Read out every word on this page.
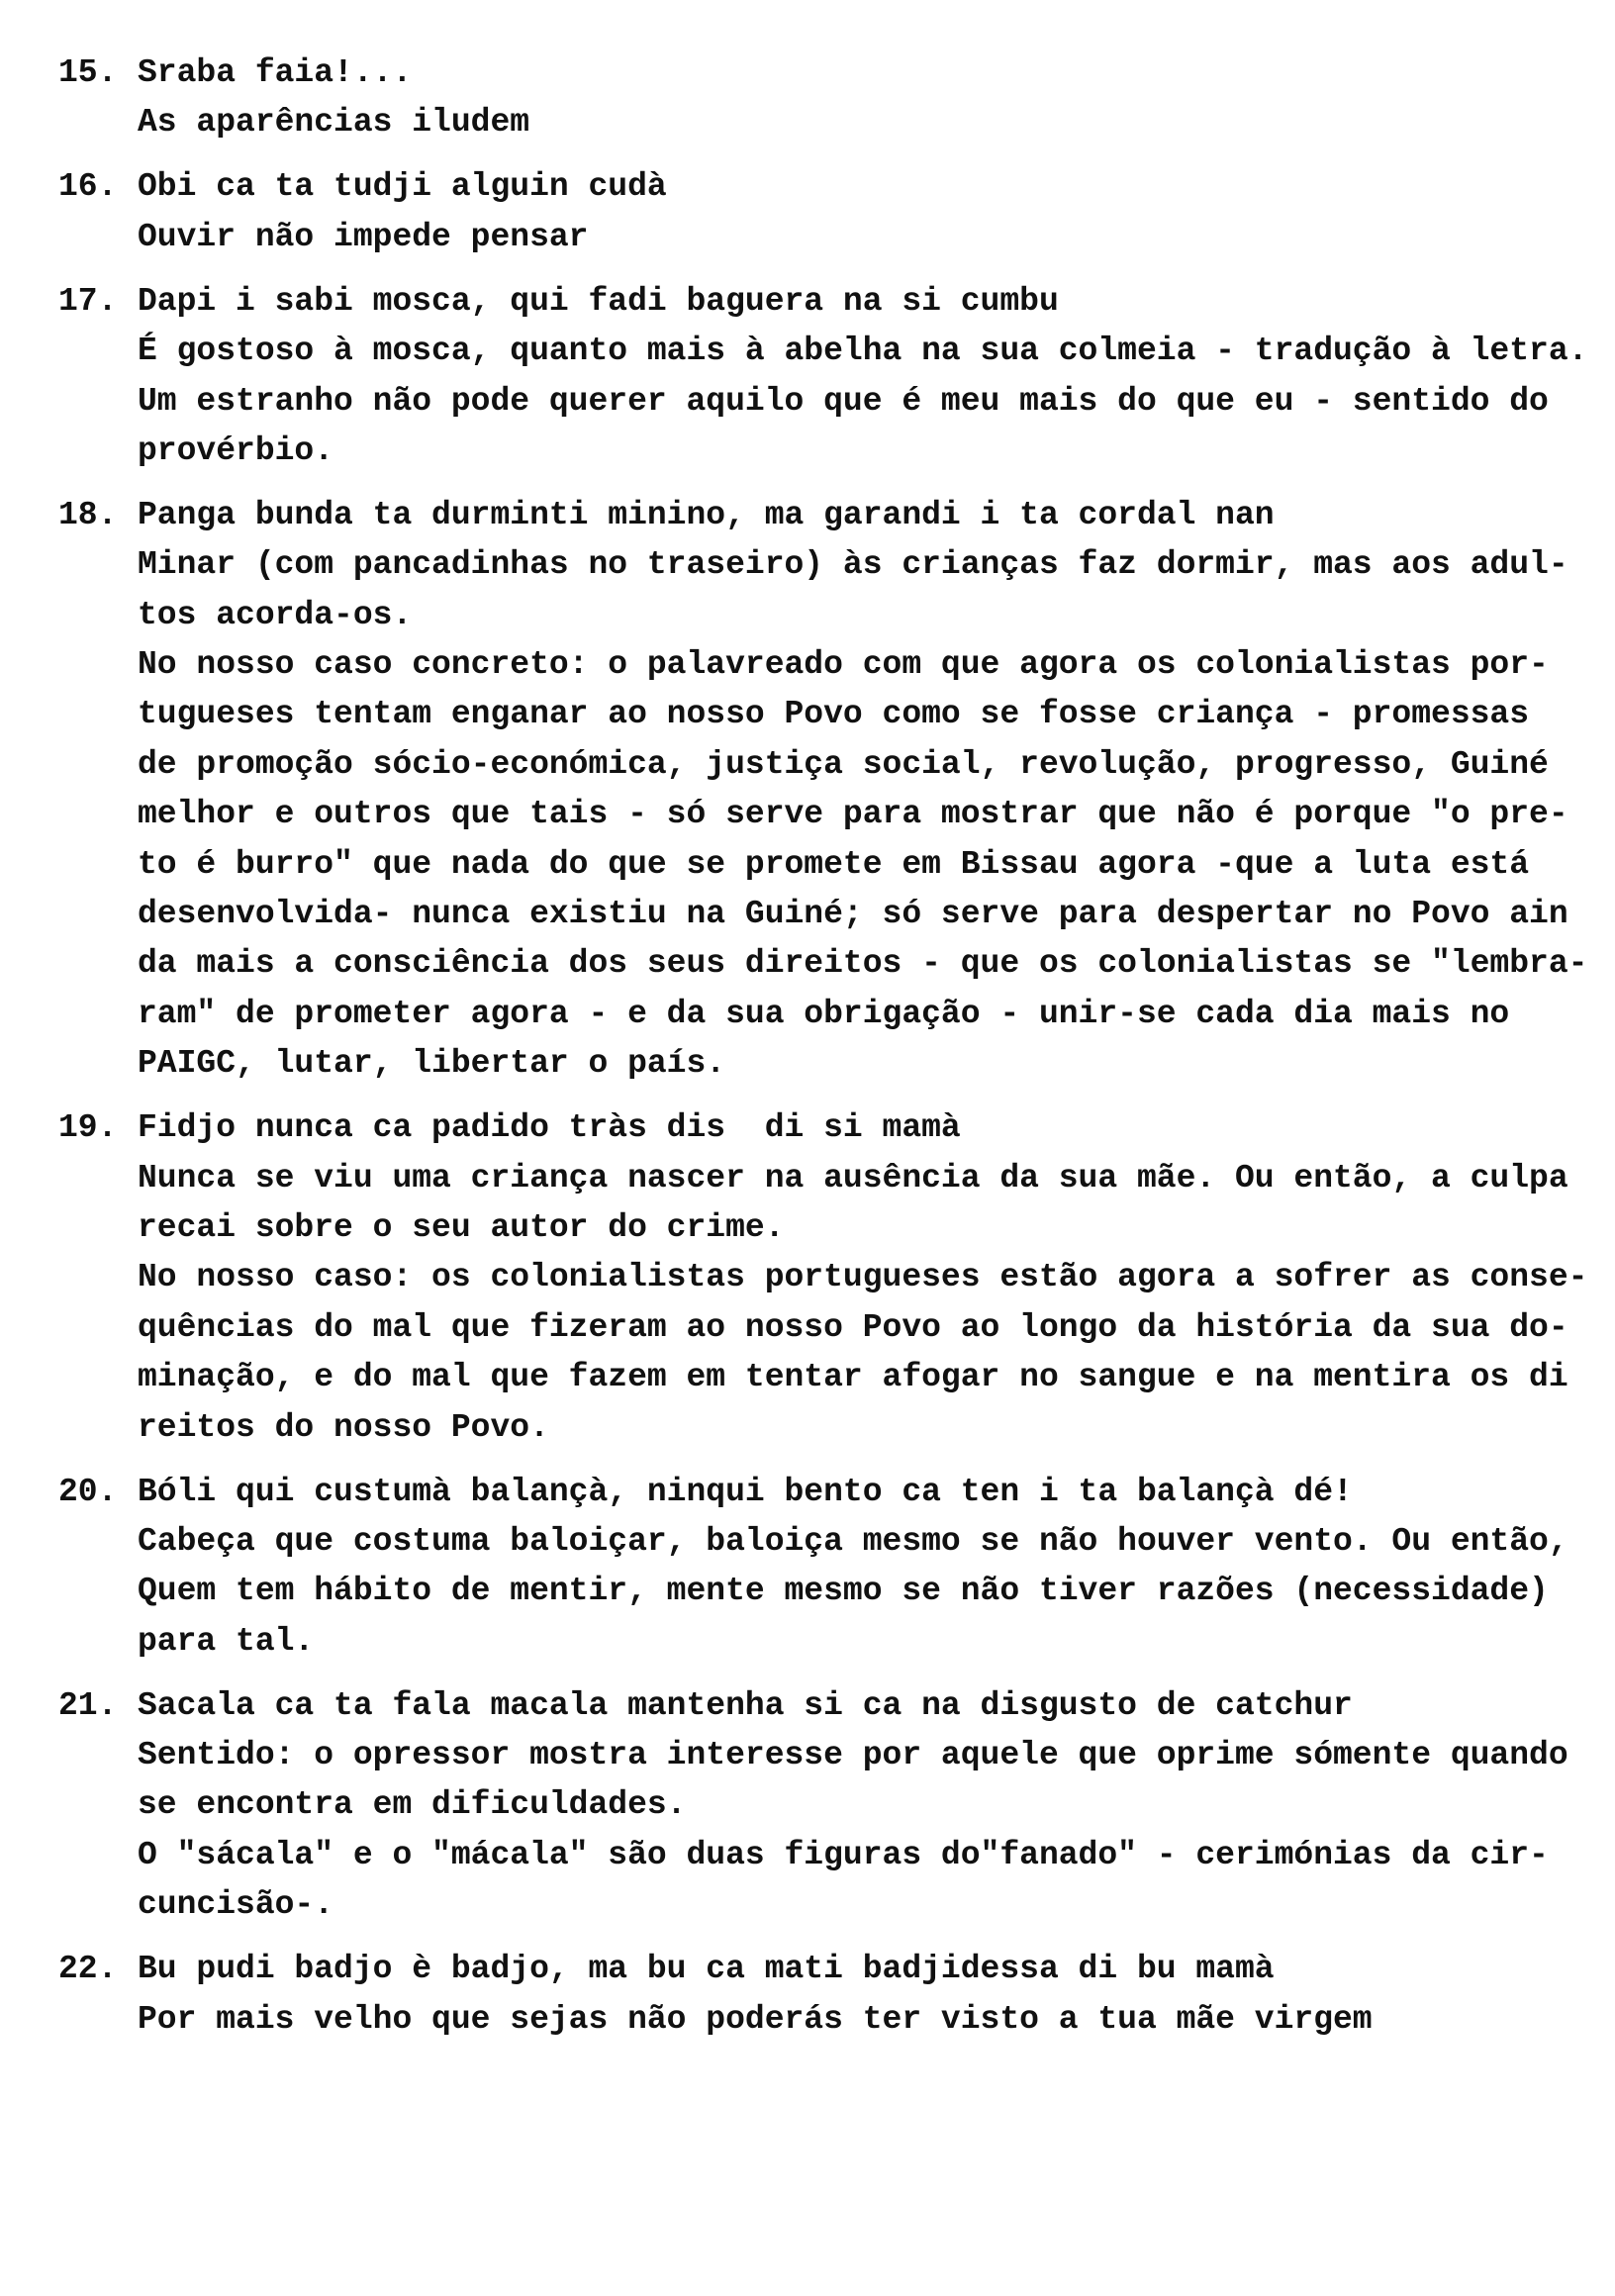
15. Sraba faia!...
As aparências iludem
16. Obi ca ta tudji alguin cudà
Ouvir não impede pensar
17. Dapi i sabi mosca, qui fadi baguera na si cumbu
É gostoso à mosca, quanto mais à abelha na sua colmeia - tradução à letra.
Um estranho não pode querer aquilo que é meu mais do que eu - sentido do
provérbio.
18. Panga bunda ta durminti minino, ma garandi i ta cordal nan
Minar (com pancadinhas no traseiro) às crianças faz dormir, mas aos adul-
tos acorda-os.
No nosso caso concreto: o palavreado com que agora os colonialistas por-
tugueses tentam enganar ao nosso Povo como se fosse criança - promessas
de promoção sócio-económica, justiça social, revolução, progresso, Guiné
melhor e outros que tais - só serve para mostrar que não é porque "o pre-
to é burro" que nada do que se promete em Bissau agora -que a luta está
desenvolvida- nunca existiu na Guiné; só serve para despertar no Povo ain
da mais a consciência dos seus direitos - que os colonialistas se "lembra-
ram" de prometer agora - e da sua obrigação - unir-se cada dia mais no
PAIGC, lutar, libertar o país.
19. Fidjo nunca ca padido tràs dis  di si mamà
Nunca se viu uma criança nascer na ausência da sua mãe. Ou então, a culpa
recai sobre o seu autor do crime.
No nosso caso: os colonialistas portugueses estão agora a sofrer as conse-
quências do mal que fizeram ao nosso Povo ao longo da história da sua do-
minação, e do mal que fazem em tentar afogar no sangue e na mentira os di
reitos do nosso Povo.
20. Bóli qui custumà balançà, ninqui bento ca ten i ta balançà dé!
Cabeça que costuma baloiçar, baloiça mesmo se não houver vento. Ou então,
Quem tem hábito de mentir, mente mesmo se não tiver razões (necessidade)
para tal.
21. Sacala ca ta fala macala mantenha si ca na disgusto de catchur
Sentido: o opressor mostra interesse por aquele que oprime sómente quando
se encontra em dificuldades.
O "sácala" e o "mácala" são duas figuras do"fanado" - cerimónias da cir-
cuncisão-.
22. Bu pudi badjo è badjo, ma bu ca mati badjidessa di bu mamà
Por mais velho que sejas não poderás ter visto a tua mãe virgem
